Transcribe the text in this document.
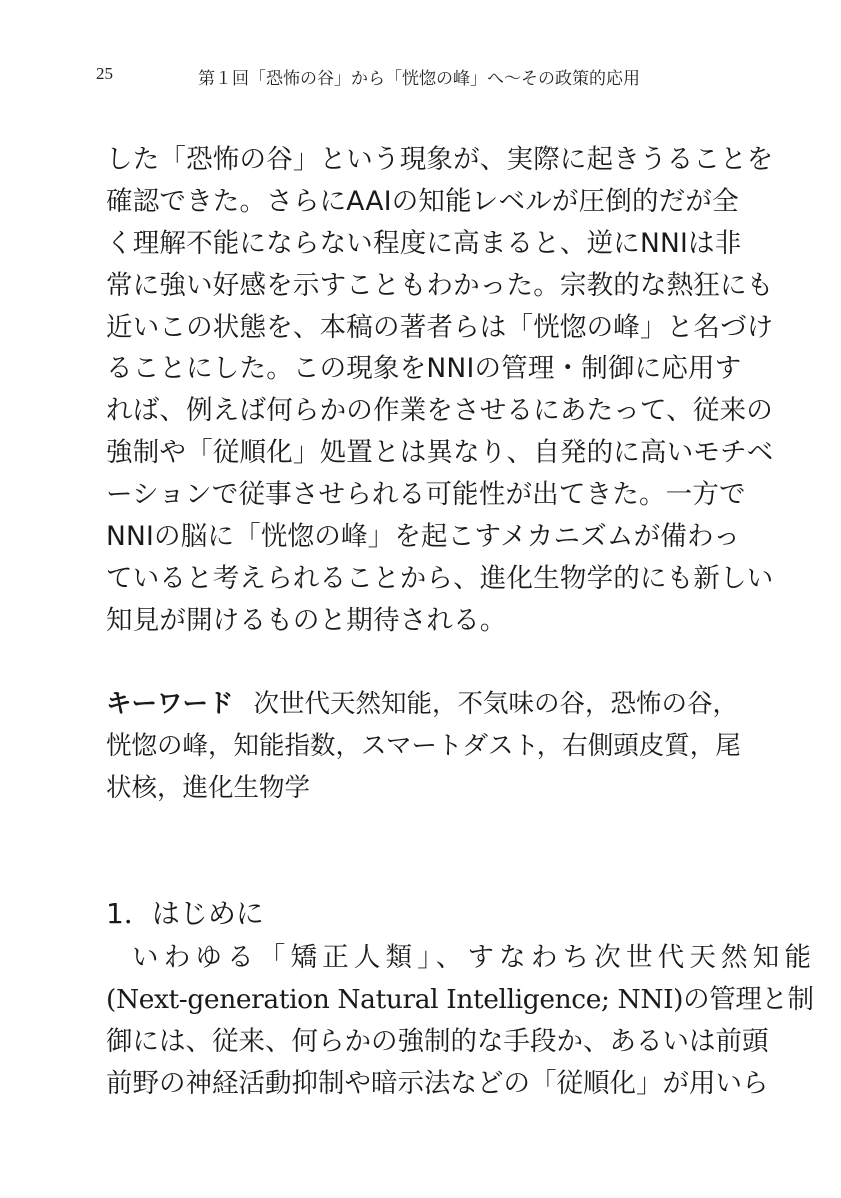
25	第１回「恐怖の谷」から「恍惚の峰」へ～その政策的応用
した「恐怖の谷」という現象が、実際に起きうることを
確認できた。さらにAAIの知能レベルが圧倒的だが全
く理解不能にならない程度に高まると、逆にNNIは非
常に強い好感を示すこともわかった。宗教的な熱狂にも
近いこの状態を、本稿の著者らは「恍惚の峰」と名づけ
ることにした。この現象をNNIの管理・制御に応用す
れば、例えば何らかの作業をさせるにあたって、従来の
強制や「従順化」処置とは異なり、自発的に高いモチベ
ーションで従事させられる可能性が出てきた。一方で
NNIの脳に「恍惚の峰」を起こすメカニズムが備わっ
ていると考えられることから、進化生物学的にも新しい
知見が開けるものと期待される。
キーワード 次世代天然知能，不気味の谷，恐怖の谷，
恍惚の峰，知能指数，スマートダスト，右側頭皮質，尾
状核，進化生物学
1．はじめに
いわゆる「矯正人類」、すなわち次世代天然知能
(Next-generation Natural Intelligence; NNI)の管理と制
御には、従来、何らかの強制的な手段か、あるいは前頭
前野の神経活動抑制や暗示法などの「従順化」が用いら
